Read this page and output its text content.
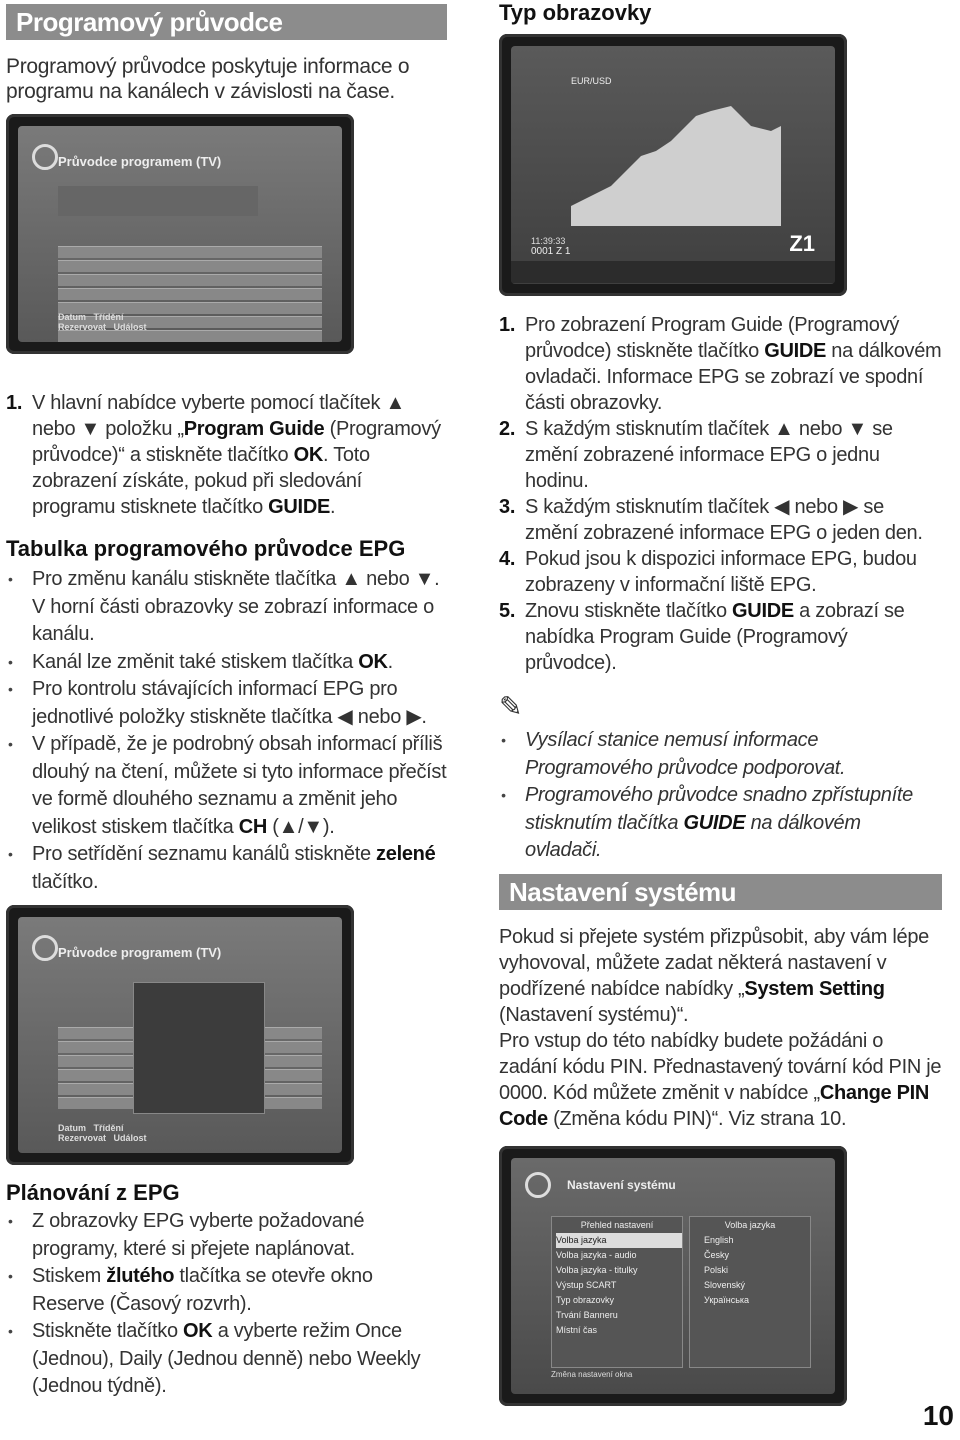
Programový průvodce

Programový průvodce poskytuje informace o programu na kanálech v závislosti na čase.

Průvodce programem (TV)
Datum Třídění
Rezervovat Událost
1. V hlavní nabídce vyberte pomocí tlačítek ▲ nebo ▼ položku „Program Guide (Programový průvodce)“ a stiskněte tlačítko OK. Toto zobrazení získáte, pokud při sledování programu stisknete tlačítko GUIDE.

Tabulka programového průvodce EPG

• Pro změnu kanálu stiskněte tlačítka ▲ nebo ▼. V horní části obrazovky se zobrazí informace o kanálu.
• Kanál lze změnit také stiskem tlačítka OK.
• Pro kontrolu stávajících informací EPG pro jednotlivé položky stiskněte tlačítka ◀ nebo ▶.
• V případě, že je podrobný obsah informací příliš dlouhý na čtení, můžete si tyto informace přečíst ve formě dlouhého seznamu a změnit jeho velikost stiskem tlačítka CH (▲/▼).
• Pro setřídění seznamu kanálů stiskněte zelené tlačítko.
Průvodce programem (TV)
Datum Třídění
Rezervovat Událost

Plánování z EPG

• Z obrazovky EPG vyberte požadované programy, které si přejete naplánovat.
• Stiskem žlutého tlačítka se otevře okno Reserve (Časový rozvrh).
• Stiskněte tlačítko OK a vyberte režim Once (Jednou), Daily (Jednou denně) nebo Weekly (Jednou týdně).

Typ obrazovky

EUR/USD
11:39:33
0001 Z 1	Z1
1. Pro zobrazení Program Guide (Programový průvodce) stiskněte tlačítko GUIDE na dálkovém ovladači. Informace EPG se zobrazí ve spodní části obrazovky.
2. S každým stisknutím tlačítek ▲ nebo ▼ se změní zobrazené informace EPG o jednu hodinu.
3. S každým stisknutím tlačítek ◀ nebo ▶ se změní zobrazené informace EPG o jeden den.
4. Pokud jsou k dispozici informace EPG, budou zobrazeny v informační liště EPG.
5. Znovu stiskněte tlačítko GUIDE a zobrazí se nabídka Program Guide (Programový průvodce).
✎
• Vysílací stanice nemusí informace Programového průvodce podporovat.
• Programového průvodce snadno zpřístupníte stisknutím tlačítka GUIDE na dálkovém ovladači.
Nastavení systému

Pokud si přejete systém přizpůsobit, aby vám lépe vyhovoval, můžete zadat některá nastavení v podřízené nabídce nabídky „System Setting (Nastavení systému)“.

Pro vstup do této nabídky budete požádáni o zadání kódu PIN. Přednastavený tovární kód PIN je 0000. Kód můžete změnit v nabídce „Change PIN Code (Změna kódu PIN)“. Viz strana 10.

Nastavení systému
Přehled nastavení
Volba jazyka
Volba jazyka - audio
Volba jazyka - titulky
Výstup SCART
Typ obrazovky
Trvání Banneru
Místní čas
Volba jazyka
English
Česky
Polski
Slovenský
Українська
Změna nastavení okna
10
